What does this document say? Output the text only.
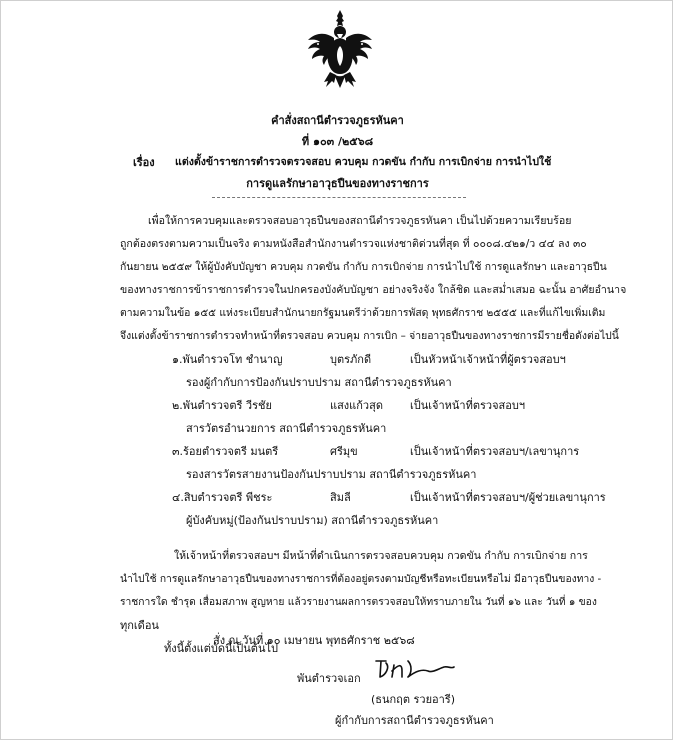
คำสั่งสถานีตำรวจภูธรหันคา
ที่ ๑๐๓ /๒๕๖๘
เรื่อง แต่งตั้งข้าราชการตำรวจตรวจสอบ ควบคุม กวดขัน กำกับ การเบิกจ่าย การนำไปใช้
การดูแลรักษาอาวุธปืนของทางราชการ
เพื่อให้การควบคุมและตรวจสอบอาวุธปืนของสถานีตำรวจภูธรหันคา เป็นไปด้วยความเรียบร้อย
ถูกต้องตรงตามความเป็นจริง ตามหนังสือสำนักงานตำรวจแห่งชาติด่วนที่สุด ที่ ๐๐๐๘.๔๒๑/ว ๔๔ ลง ๓๐
กันยายน ๒๕๕๙ ให้ผู้บังคับบัญชา ควบคุม กวดขัน กำกับ การเบิกจ่าย การนำไปใช้ การดูแลรักษา และอาวุธปืน
ของทางราชการข้าราชการตำรวจในปกครองบังคับบัญชา อย่างจริงจัง ใกล้ชิด และสม่ำเสมอ ฉะนั้น อาศัยอำนาจ
ตามความในข้อ ๑๕๕ แห่งระเบียบสำนักนายกรัฐมนตรีว่าด้วยการพัสดุ พุทธศักราช ๒๕๕๕ และที่แก้ไขเพิ่มเติม
จึงแต่งตั้งข้าราชการตำรวจทำหน้าที่ตรวจสอบ ควบคุม การเบิก – จ่ายอาวุธปืนของทางราชการมีรายชื่อดังต่อไปนี้
๑.พันตำรวจโท ชำนาญ	บุตรภักดี	เป็นหัวหน้าเจ้าหน้าที่ผู้ตรวจสอบฯ
รองผู้กำกับการป้องกันปราบปราม สถานีตำรวจภูธรหันคา
๒.พันตำรวจตรี วีรชัย	แสงแก้วสุด เป็นเจ้าหน้าที่ตรวจสอบฯ
สารวัตรอำนวยการ สถานีตำรวจภูธรหันคา
๓.ร้อยตำรวจตรี มนตรี	ศรีมุข	เป็นเจ้าหน้าที่ตรวจสอบฯ/เลขานุการ
รองสารวัตรสายงานป้องกันปราบปราม สถานีตำรวจภูธรหันคา
๔.สิบตำรวจตรี พีชระ	สิมลี	เป็นเจ้าหน้าที่ตรวจสอบฯ/ผู้ช่วยเลขานุการ
ผู้บังคับหมู่(ป้องกันปราบปราม) สถานีตำรวจภูธรหันคา
ให้เจ้าหน้าที่ตรวจสอบฯ มีหน้าที่ดำเนินการตรวจสอบควบคุม กวดขัน กำกับ การเบิกจ่าย การ
นำไปใช้ การดูแลรักษาอาวุธปืนของทางราชการที่ต้องอยู่ตรงตามบัญชีหรือทะเบียนหรือไม่ มีอาวุธปืนของทาง -
ราชการใด ชำรุด เสื่อมสภาพ สูญหาย แล้วรายงานผลการตรวจสอบให้ทราบภายใน วันที่ ๑๖ และ วันที่ ๑ ของ
ทุกเดือน
ทั้งนี้ตั้งแต่บัดนี้เป็นต้นไป
สั่ง ณ วันที่ ๑๐ เมษายน พุทธศักราช ๒๕๖๘
พันตำรวจเอก
(ธนกฤต รวยอารี)
ผู้กำกับการสถานีตำรวจภูธรหันคา
